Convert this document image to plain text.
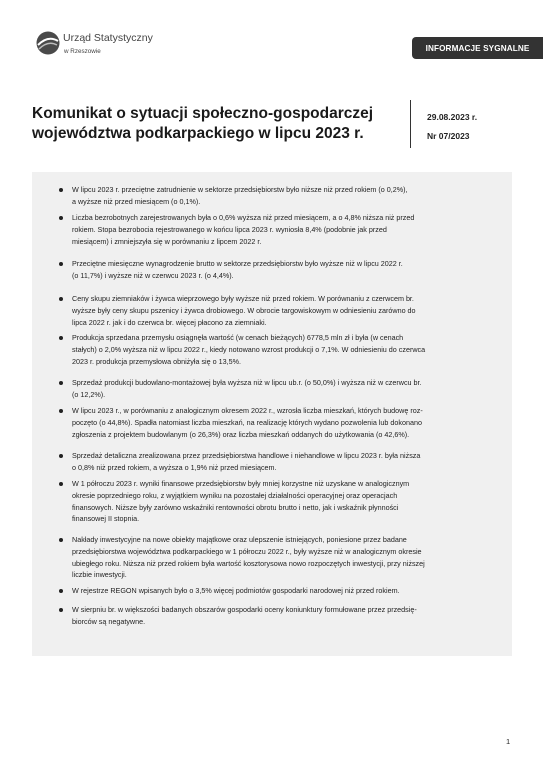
Urząd Statystyczny
w Rzeszowie	INFORMACJE SYGNALNE
Komunikat o sytuacji społeczno-gospodarczej
województwa podkarpackiego w lipcu 2023 r.
29.08.2023 r.
Nr 07/2023
W lipcu 2023 r. przeciętne zatrudnienie w sektorze przedsiębiorstw było niższe niż przed rokiem (o 0,2%),
a wyższe niż przed miesiącem (o 0,1%).
Liczba bezrobotnych zarejestrowanych była o 0,6% wyższa niż przed miesiącem, a o 4,8% niższa niż przed
rokiem. Stopa bezrobocia rejestrowanego w końcu lipca 2023 r. wyniosła 8,4% (podobnie jak przed
miesiącem) i zmniejszyła się w porównaniu z lipcem 2022 r.
Przeciętne miesięczne wynagrodzenie brutto w sektorze przedsiębiorstw było wyższe niż w lipcu 2022 r.
(o 11,7%) i wyższe niż w czerwcu 2023 r. (o 4,4%).
Ceny skupu ziemniaków i żywca wieprzowego były wyższe niż przed rokiem. W porównaniu z czerwcem br.
wyższe były ceny skupu pszenicy i żywca drobiowego. W obrocie targowiskowym w odniesieniu zarówno do
lipca 2022 r. jak i do czerwca br. więcej płacono za ziemniaki.
Produkcja sprzedana przemysłu osiągnęła wartość (w cenach bieżących) 6778,5 mln zł i była (w cenach
stałych) o 2,0% wyższa niż w lipcu 2022 r., kiedy notowano wzrost produkcji o 7,1%. W odniesieniu do czerwca
2023 r. produkcja przemysłowa obniżyła się o 13,5%.
Sprzedaż produkcji budowlano-montażowej była wyższa niż w lipcu ub.r. (o 50,0%) i wyższa niż w czerwcu br.
(o 12,2%).
W lipcu 2023 r., w porównaniu z analogicznym okresem 2022 r., wzrosła liczba mieszkań, których budowę roz-
poczęto (o 44,8%). Spadła natomiast liczba mieszkań, na realizację których wydano pozwolenia lub dokonano
zgłoszenia z projektem budowlanym (o 26,3%) oraz liczba mieszkań oddanych do użytkowania (o 42,6%).
Sprzedaż detaliczna zrealizowana przez przedsiębiorstwa handlowe i niehandlowe w lipcu 2023 r. była niższa
o 0,8% niż przed rokiem, a wyższa o 1,9% niż przed miesiącem.
W 1 półroczu 2023 r. wyniki finansowe przedsiębiorstw były mniej korzystne niż uzyskane w analogicznym
okresie poprzedniego roku, z wyjątkiem wyniku na pozostałej działalności operacyjnej oraz operacjach
finansowych. Niższe były zarówno wskaźniki rentowności obrotu brutto i netto, jak i wskaźnik płynności
finansowej II stopnia.
Nakłady inwestycyjne na nowe obiekty majątkowe oraz ulepszenie istniejących, poniesione przez badane
przedsiębiorstwa województwa podkarpackiego w 1 półroczu 2022 r., były wyższe niż w analogicznym okresie
ubiegłego roku. Niższa niż przed rokiem była wartość kosztorysowa nowo rozpoczętych inwestycji, przy niższej
liczbie inwestycji.
W rejestrze REGON wpisanych było o 3,5% więcej podmiotów gospodarki narodowej niż przed rokiem.
W sierpniu br. w większości badanych obszarów gospodarki oceny koniunktury formułowane przez przedsię-
biorców są negatywne.
1
